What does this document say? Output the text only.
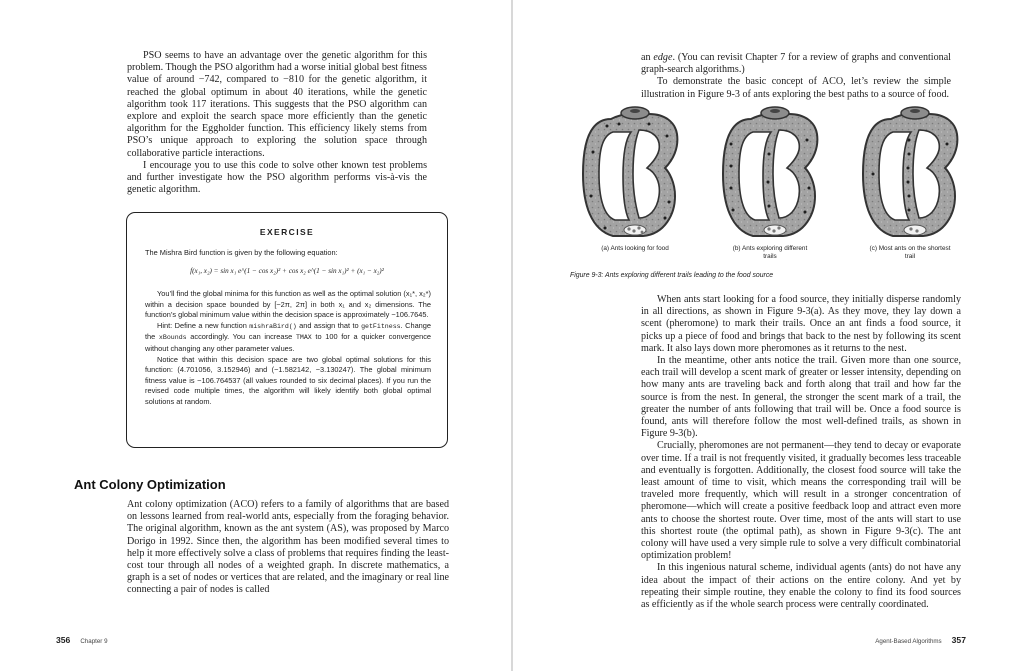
PSO seems to have an advantage over the genetic algorithm for this problem. Though the PSO algorithm had a worse initial global best fitness value of around −742, compared to −810 for the genetic algorithm, it reached the global optimum in about 40 iterations, while the genetic algorithm took 117 iterations. This suggests that the PSO algorithm can explore and exploit the search space more efficiently than the genetic algorithm for the Eggholder function. This efficiency likely stems from PSO’s unique approach to exploring the solution space through collaborative particle interactions.

I encourage you to use this code to solve other known test problems and further investigate how the PSO algorithm performs vis-à-vis the genetic algorithm.

EXERCISE
The Mishra Bird function is given by the following equation:
f(x₁, x₂) = sin x₁ e^(1 − cos x₂)² + cos x₂ e^(1 − sin x₁)² + (x₁ − x₂)²

You’ll find the global minima for this function as well as the optimal solution (x₁*, x₂*) within a decision space bounded by [−2π, 2π] in both x₁ and x₂ dimensions. The function’s global minimum value within the decision space is approximately −106.7645.

Hint: Define a new function mishraBird() and assign that to getFitness. Change the xBounds accordingly. You can increase TMAX to 100 for a quicker convergence without changing any other parameter values.

Notice that within this decision space are two global optimal solutions for this function: (4.701056, 3.152946) and (−1.582142, −3.130247). The global minimum fitness value is −106.764537 (all values rounded to six decimal places). If you run the revised code multiple times, the algorithm will likely identify both global optimal solutions at random.

Ant Colony Optimization

Ant colony optimization (ACO) refers to a family of algorithms that are based on lessons learned from real-world ants, especially from the foraging behavior. The original algorithm, known as the ant system (AS), was proposed by Marco Dorigo in 1992. Since then, the algorithm has been modified several times to help it more effectively solve a class of problems that requires finding the least-cost tour through all nodes of a weighted graph. In discrete mathematics, a graph is a set of nodes or vertices that are related, and the imaginary or real line connecting a pair of nodes is called

356 Chapter 9

an edge. (You can revisit Chapter 7 for a review of graphs and conventional graph-search algorithms.)

To demonstrate the basic concept of ACO, let’s review the simple illustration in Figure 9-3 of ants exploring the best paths to a source of food.

(a) Ants looking for food	(b) Ants exploring different trails
(c) Most ants on the shortest trail
Figure 9-3: Ants exploring different trails leading to the food source

When ants start looking for a food source, they initially disperse randomly in all directions, as shown in Figure 9-3(a). As they move, they lay down a scent (pheromone) to mark their trails. Once an ant finds a food source, it picks up a piece of food and brings that back to the nest by following its scent mark. It also lays down more pheromones as it returns to the nest.

In the meantime, other ants notice the trail. Given more than one source, each trail will develop a scent mark of greater or lesser intensity, depending on how many ants are traveling back and forth along that trail and how far the source is from the nest. In general, the stronger the scent mark of a trail, the greater the number of ants following that trail will be. Once a food source is found, ants will therefore follow the most well-defined trails, as shown in Figure 9-3(b).

Crucially, pheromones are not permanent—they tend to decay or evaporate over time. If a trail is not frequently visited, it gradually becomes less traceable and eventually is forgotten. Additionally, the closest food source will take the least amount of time to visit, which means the corresponding trail will be traveled more frequently, which will result in a stronger concentration of pheromone—which will create a positive feedback loop and attract even more ants to choose the shortest route. Over time, most of the ants will start to use this shortest route (the optimal path), as shown in Figure 9-3(c). The ant colony will have used a very simple rule to solve a very difficult combinatorial optimization problem!

In this ingenious natural scheme, individual agents (ants) do not have any idea about the impact of their actions on the entire colony. And yet by repeating their simple routine, they enable the colony to find its food sources as efficiently as if the whole search process were centrally coordinated.

Agent-Based Algorithms 357
